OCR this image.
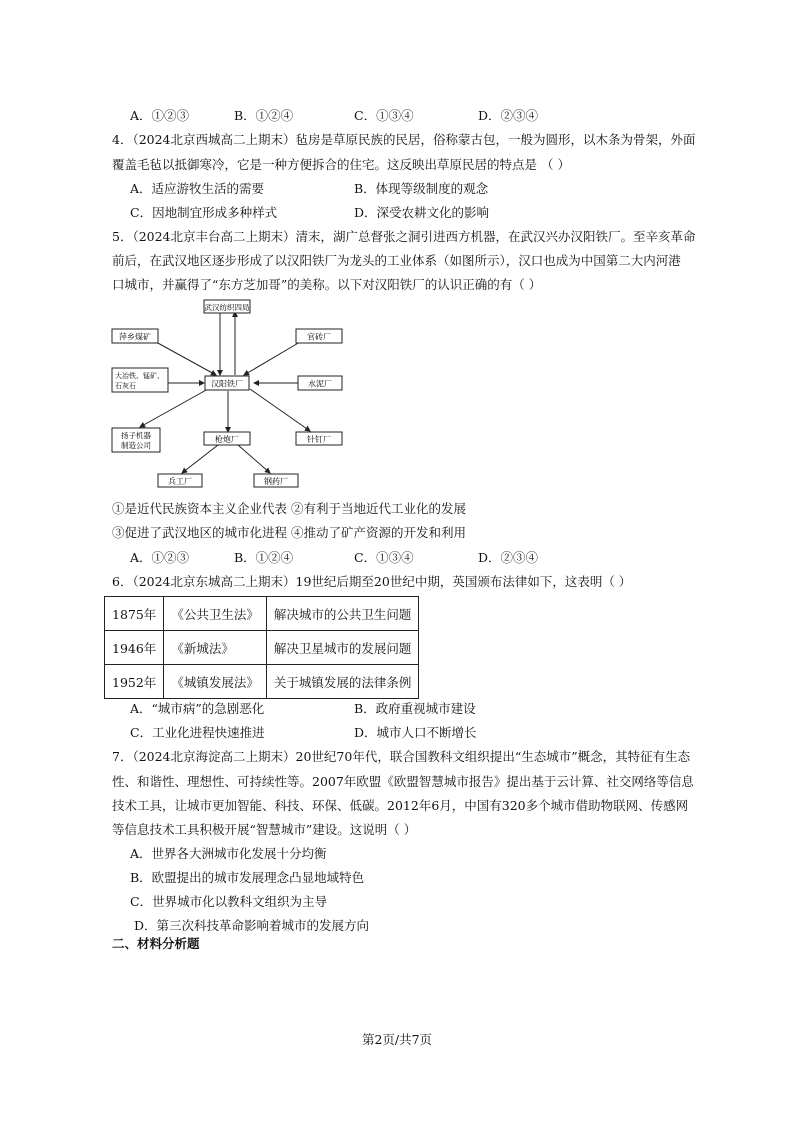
A．①②③	B．①②④	C．①③④	D．②③④
4．（2024北京西城高二上期末）毡房是草原民族的民居，俗称蒙古包，一般为圆形，以木条为骨架，外面
覆盖毛毡以抵御寒冷，它是一种方便拆合的住宅。这反映出草原民居的特点是 （ ）
A．适应游牧生活的需要	B．体现等级制度的观念
C．因地制宜形成多种样式	D．深受农耕文化的影响
5．（2024北京丰台高二上期末）清末，湖广总督张之洞引进西方机器，在武汉兴办汉阳铁厂。至辛亥革命
前后，在武汉地区逐步形成了以汉阳铁厂为龙头的工业体系（如图所示），汉口也成为中国第二大内河港
口城市，并赢得了“东方芝加哥”的美称。以下对汉阳铁厂的认识正确的有（ ）
武汉纺织四局
萍乡煤矿	官砖厂
大冶铁、锰矿、
石灰石	汉阳铁厂	水泥厂
扬子机器
制造公司
枪炮厂	针钉厂
兵工厂	钢药厂
①是近代民族资本主义企业代表 ②有利于当地近代工业化的发展
③促进了武汉地区的城市化进程 ④推动了矿产资源的开发和利用
A．①②③	B．①②④	C．①③④	D．②③④
6．（2024北京东城高二上期末）19世纪后期至20世纪中期，英国颁布法律如下，这表明（ ）
1875年	《公共卫生法》	解决城市的公共卫生问题
1946年	《新城法》	解决卫星城市的发展问题
1952年	《城镇发展法》	关于城镇发展的法律条例
A．“城市病”的急剧恶化	B．政府重视城市建设
C．工业化进程快速推进	D．城市人口不断增长
7．（2024北京海淀高二上期末）20世纪70年代，联合国教科文组织提出“生态城市”概念，其特征有生态
性、和谐性、理想性、可持续性等。2007年欧盟《欧盟智慧城市报告》提出基于云计算、社交网络等信息
技术工具，让城市更加智能、科技、环保、低碳。2012年6月，中国有320多个城市借助物联网、传感网
等信息技术工具积极开展“智慧城市”建设。这说明（ ）
A．世界各大洲城市化发展十分均衡
B．欧盟提出的城市发展理念凸显地域特色
C．世界城市化以教科文组织为主导
D．第三次科技革命影响着城市的发展方向
二、材料分析题
第2页/共7页
